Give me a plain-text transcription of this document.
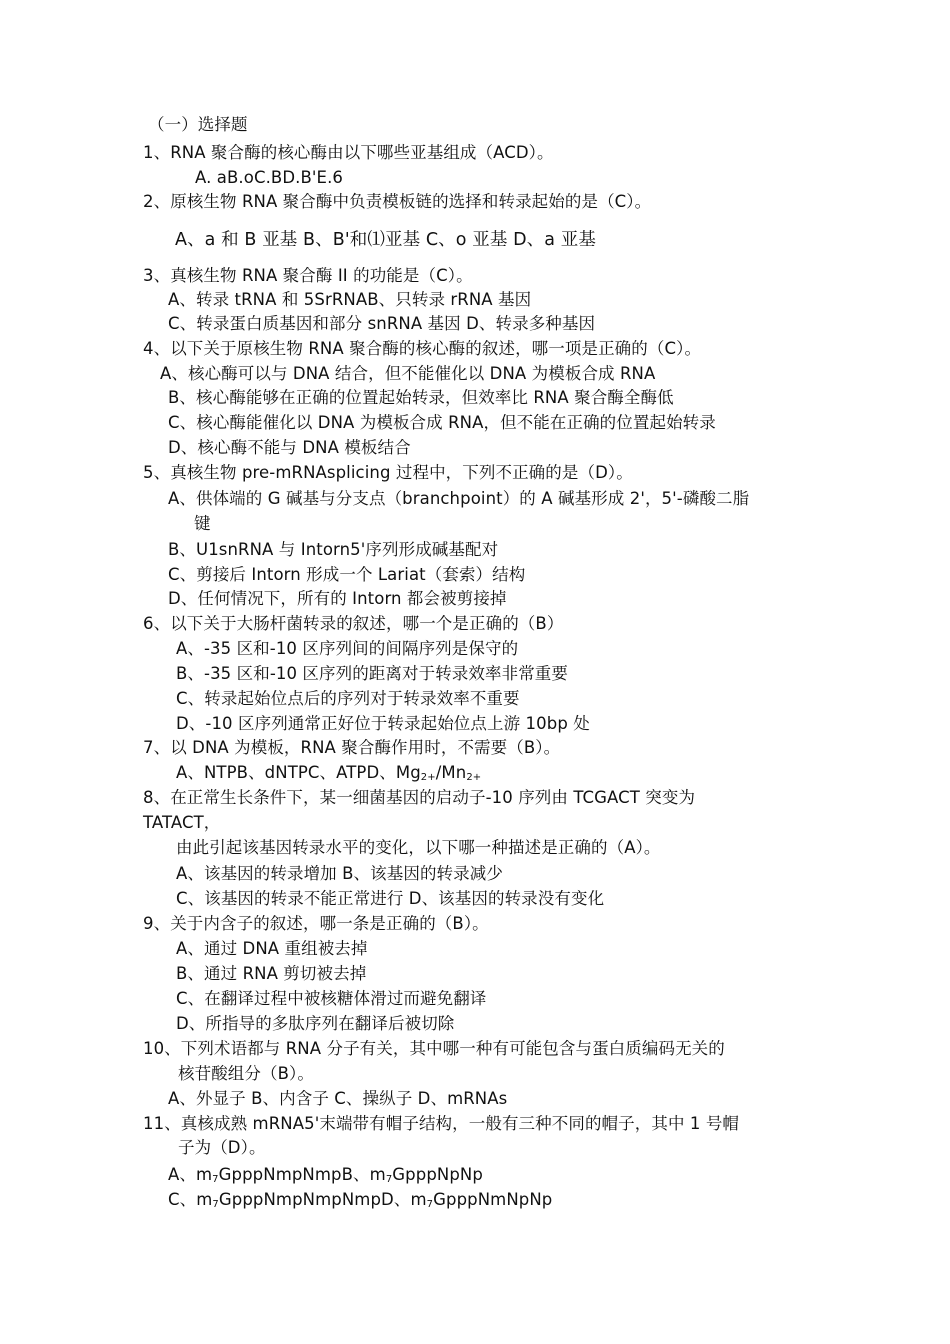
（一）选择题
1、RNA 聚合酶的核心酶由以下哪些亚基组成（ACD）。
A. aB.oC.BD.B'E.6
2、原核生物 RNA 聚合酶中负责模板链的选择和转录起始的是（C）。
A、a 和 B 亚基 B、B'和⑴亚基 C、o 亚基 D、a 亚基
3、真核生物 RNA 聚合酶 II 的功能是（C）。
A、转录 tRNA 和 5SrRNAB、只转录 rRNA 基因
C、转录蛋白质基因和部分 snRNA 基因 D、转录多种基因
4、以下关于原核生物 RNA 聚合酶的核心酶的叙述，哪一项是正确的（C）。
A、核心酶可以与 DNA 结合，但不能催化以 DNA 为模板合成 RNA
B、核心酶能够在正确的位置起始转录，但效率比 RNA 聚合酶全酶低
C、核心酶能催化以 DNA 为模板合成 RNA，但不能在正确的位置起始转录
D、核心酶不能与 DNA 模板结合
5、真核生物 pre-mRNAsplicing 过程中，下列不正确的是（D）。
A、供体端的 G 碱基与分支点（branchpoint）的 A 碱基形成 2'，5'-磷酸二脂
键
B、U1snRNA 与 Intorn5'序列形成碱基配对
C、剪接后 Intorn 形成一个 Lariat（套索）结构
D、任何情况下，所有的 Intorn 都会被剪接掉
6、以下关于大肠杆菌转录的叙述，哪一个是正确的（B）
A、-35 区和-10 区序列间的间隔序列是保守的
B、-35 区和-10 区序列的距离对于转录效率非常重要
C、转录起始位点后的序列对于转录效率不重要
D、-10 区序列通常正好位于转录起始位点上游 10bp 处
7、以 DNA 为模板，RNA 聚合酶作用时，不需要（B）。
A、NTPB、dNTPC、ATPD、Mg2+/Mn2+
8、在正常生长条件下，某一细菌基因的启动子-10 序列由 TCGACT 突变为
TATACT，
由此引起该基因转录水平的变化，以下哪一种描述是正确的（A）。
A、该基因的转录增加 B、该基因的转录减少
C、该基因的转录不能正常进行 D、该基因的转录没有变化
9、关于内含子的叙述，哪一条是正确的（B）。
A、通过 DNA 重组被去掉
B、通过 RNA 剪切被去掉
C、在翻译过程中被核糖体滑过而避免翻译
D、所指导的多肽序列在翻译后被切除
10、下列术语都与 RNA 分子有关，其中哪一种有可能包含与蛋白质编码无关的
核苷酸组分（B）。
A、外显子 B、内含子 C、操纵子 D、mRNAs
11、真核成熟 mRNA5'末端带有帽子结构，一般有三种不同的帽子，其中 1 号帽
子为（D）。
A、m7GpppNmpNmpB、m7GpppNpNp
C、m7GpppNmpNmpNmpD、m7GpppNmNpNp
